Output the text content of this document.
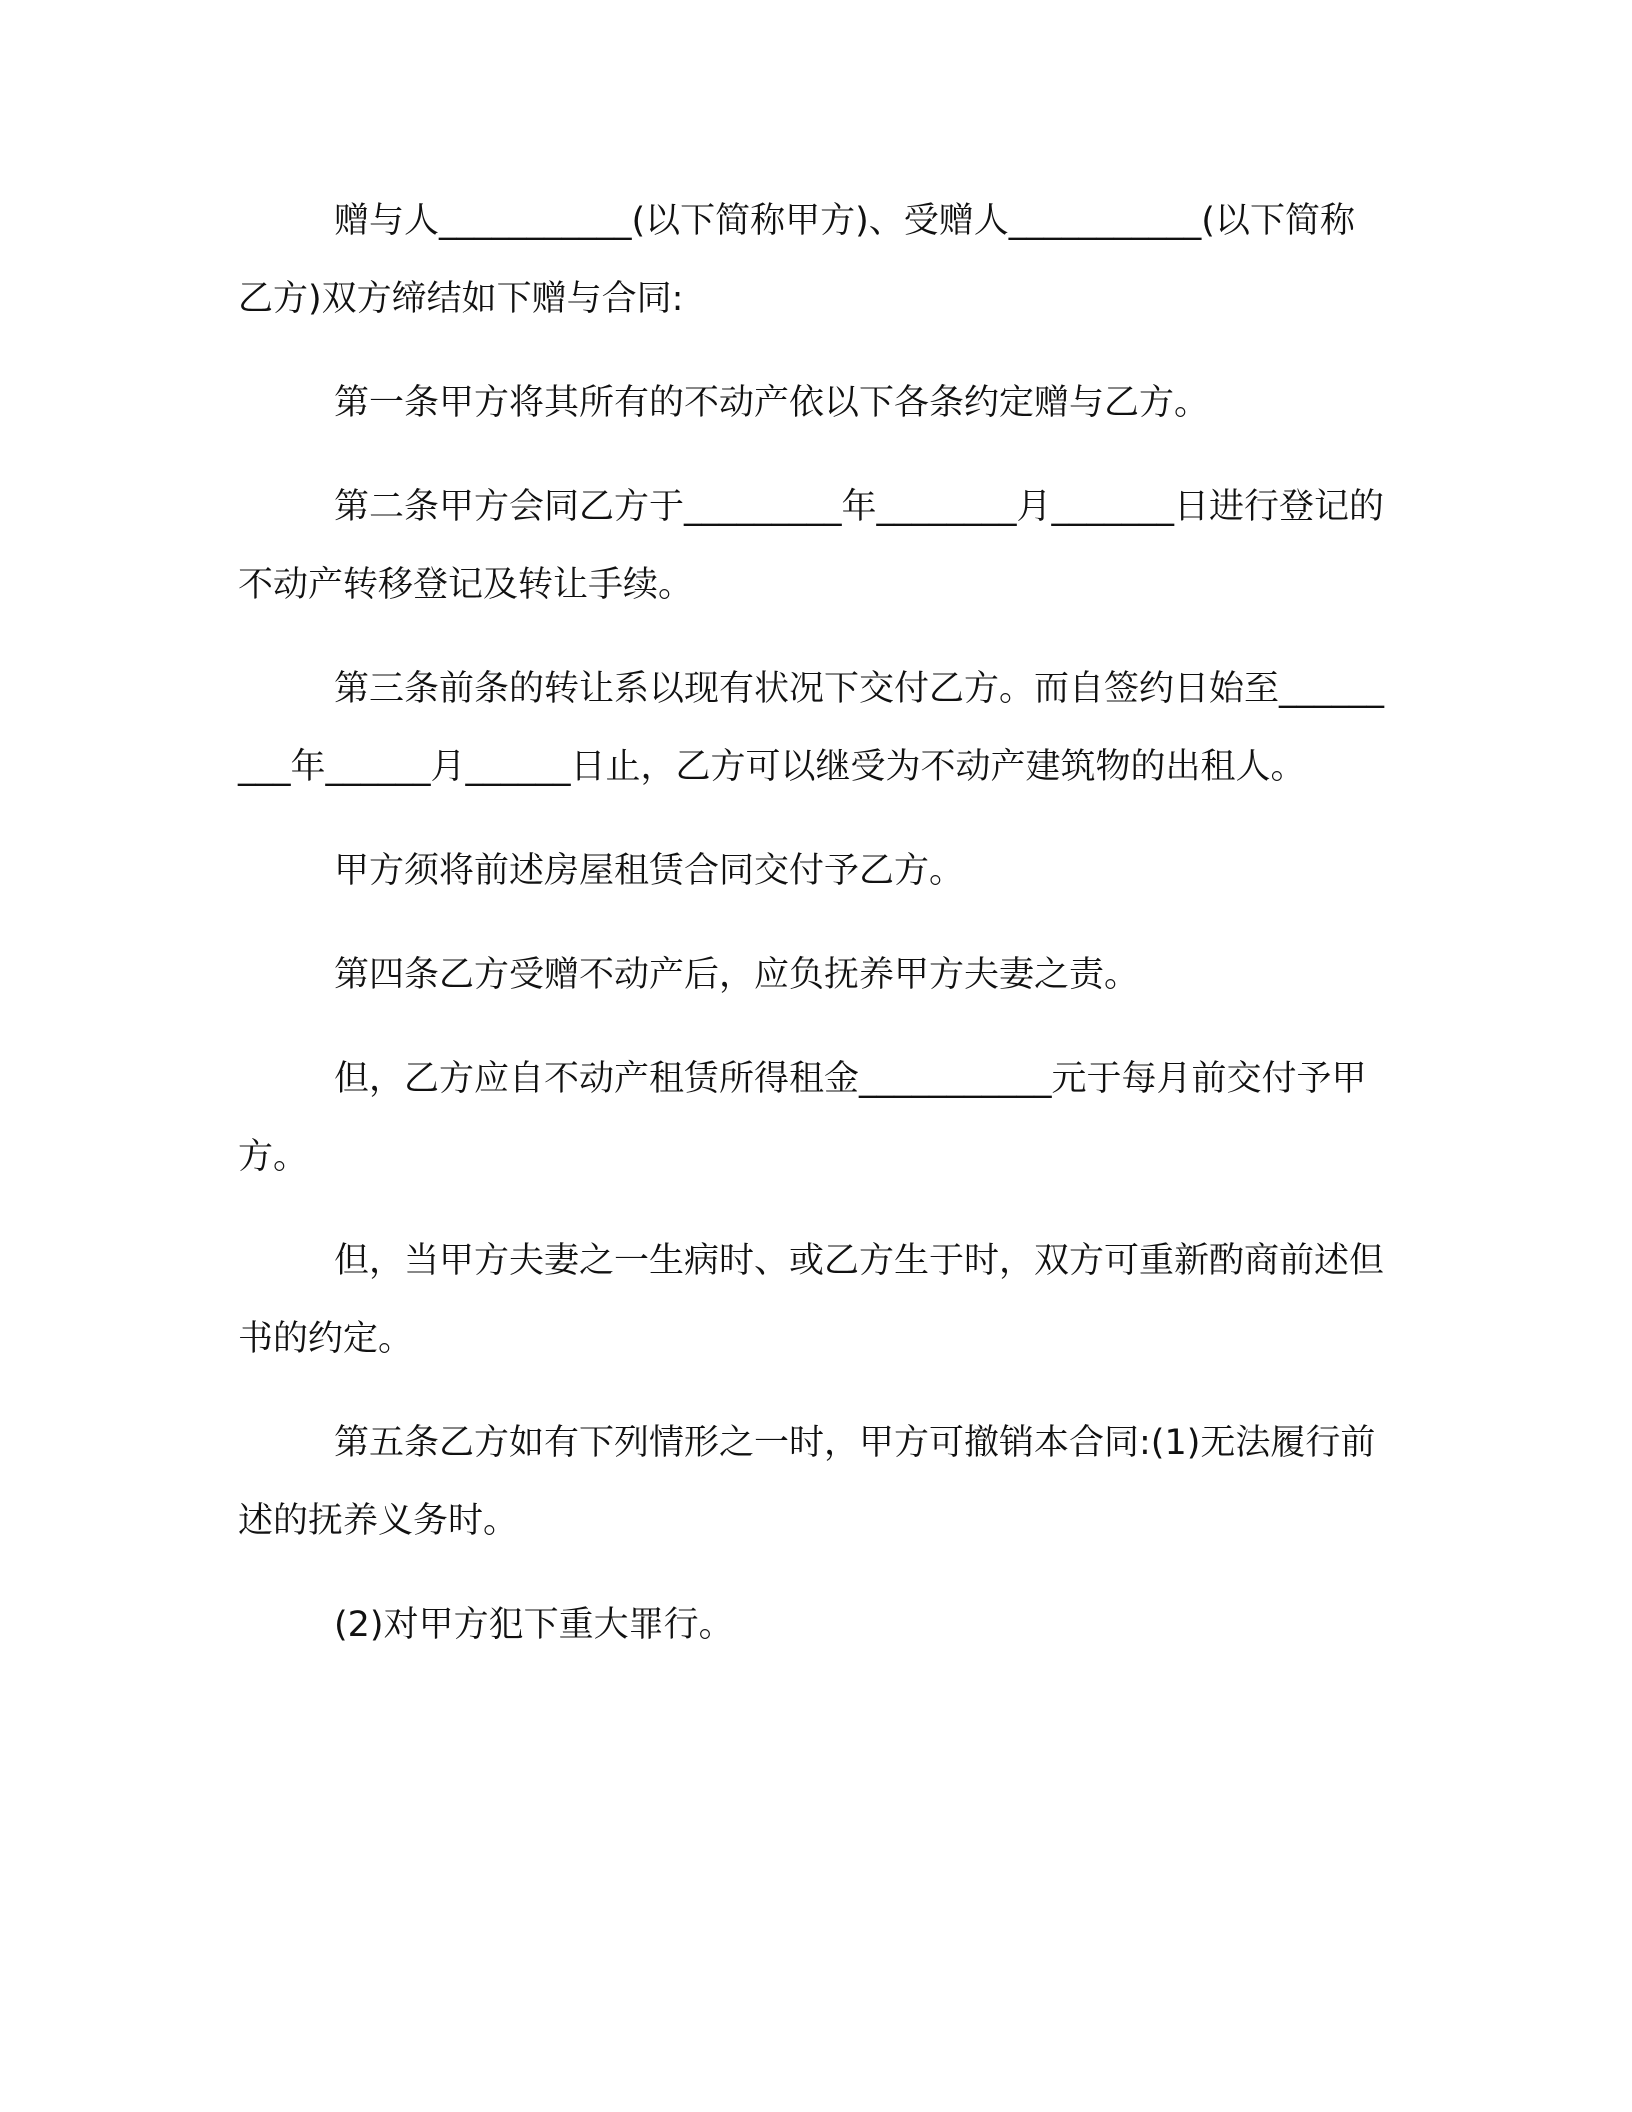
赠与人___________(以下简称甲方)、受赠人___________(以下简称乙方)双方缔结如下赠与合同:

第一条甲方将其所有的不动产依以下各条约定赠与乙方。

第二条甲方会同乙方于_________年________月_______日进行登记的不动产转移登记及转让手续。

第三条前条的转让系以现有状况下交付乙方。而自签约日始至_________年______月______日止，乙方可以继受为不动产建筑物的出租人。

甲方须将前述房屋租赁合同交付予乙方。

第四条乙方受赠不动产后，应负抚养甲方夫妻之责。

但，乙方应自不动产租赁所得租金___________元于每月前交付予甲方。

但，当甲方夫妻之一生病时、或乙方生于时，双方可重新酌商前述但书的约定。

第五条乙方如有下列情形之一时，甲方可撤销本合同:(1)无法履行前述的抚养义务时。

(2)对甲方犯下重大罪行。
